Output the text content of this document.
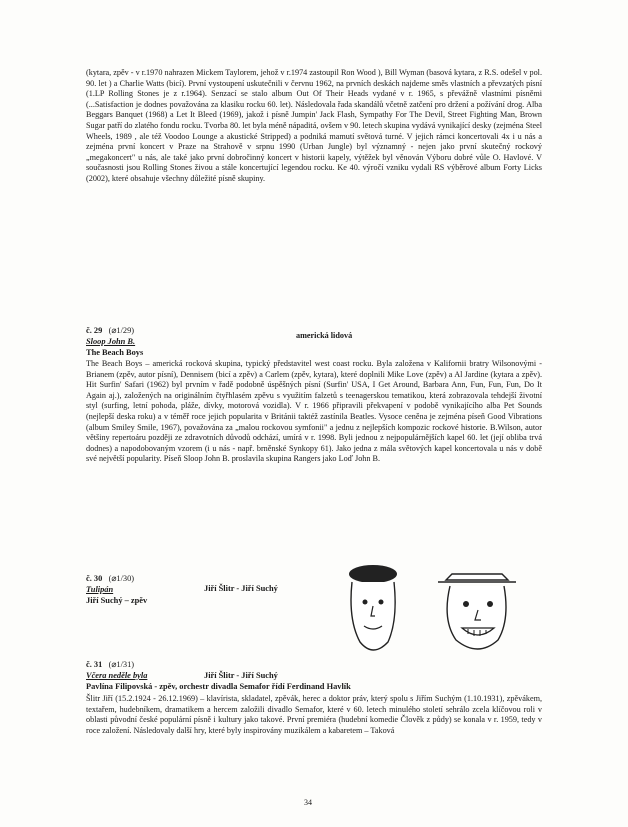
(kytara, zpěv - v r.1970 nahrazen Mickem Taylorem, jehož v r.1974 zastoupil Ron Wood ), Bill Wyman (basová kytara, z R.S. odešel v pol. 90. let ) a Charlie Watts (bicí). První vystoupení uskutečnili v červnu 1962, na prvních deskách najdeme směs vlastních a převzatých písní (1.LP Rolling Stones je z r.1964). Senzací se stalo album Out Of Their Heads vydané v r. 1965, s převážně vlastními písněmi (...Satisfaction je dodnes považována za klasiku rocku 60. let). Následovala řada skandálů včetně zatčení pro držení a požívání drog. Alba Beggars Banquet (1968) a Let It Bleed (1969), jakož i písně Jumpin' Jack Flash, Sympathy For The Devil, Street Fighting Man, Brown Sugar patří do zlatého fondu rocku. Tvorba 80. let byla méně nápaditá, ovšem v 90. letech skupina vydává vynikající desky (zejména Steel Wheels, 1989 , ale též Voodoo Lounge a akustické Stripped) a podniká mamutí světová turné. V jejich rámci koncertovali 4x i u nás a zejména první koncert v Praze na Strahově v srpnu 1990 (Urban Jungle) byl významný - nejen jako první skutečný rockový „megakoncert" u nás, ale také jako první dobročinný koncert v historii kapely, výtěžek byl věnován Výboru dobré vůle O. Havlové. V současnosti jsou Rolling Stones živou a stále koncertující legendou rocku. Ke 40. výročí vzniku vydali RS výběrové album Forty Licks (2002), které obsahuje všechny důležité písně skupiny.

č. 29 (⌀1/29)
Sloop John B.
americká lidová
The Beach Boys

The Beach Boys – americká rocková skupina, typický představitel west coast rocku. Byla založena v Kalifornii bratry Wilsonovými - Brianem (zpěv, autor písní), Dennisem (bicí a zpěv) a Carlem (zpěv, kytara), které doplnili Mike Love (zpěv) a Al Jardine (kytara a zpěv). Hit Surfin' Safari (1962) byl prvním v řadě podobně úspěšných písní (Surfin' USA, I Get Around, Barbara Ann, Fun, Fun, Fun, Do It Again aj.), založených na originálním čtyřhlasém zpěvu s využitím falzetů s teenagerskou tematikou, která zobrazovala tehdejší životní styl (surfing, letní pohoda, pláže, dívky, motorová vozidla). V r. 1966 připravili překvapení v podobě vynikajícího alba Pet Sounds (nejlepší deska roku) a v téměř roce jejich popularita v Británii taktéž zastínila Beatles. Vysoce ceněna je zejména píseň Good Vibrations (album Smiley Smile, 1967), považována za „malou rockovou symfonii" a jednu z nejlepších kompozic rockové historie. B.Wilson, autor většiny repertoáru později ze zdravotních důvodů odchází, umírá v r. 1998. Byli jednou z nejpopulárnějších kapel 60. let (její obliba trvá dodnes) a napodobovaným vzorem (i u nás - např. brněnské Synkopy 61). Jako jedna z mála světových kapel koncertovala u nás v době své největší popularity. Píseň Sloop John B. proslavila skupina Rangers jako Loď John B.

č. 30 (⌀1/30)
Tulipán	Jiří Šlitr - Jiří Suchý
Jiří Suchý – zpěv
č. 31 (⌀1/31)
Včera neděle byla	Jiří Šlitr - Jiří Suchý
Pavlína Filipovská - zpěv, orchestr divadla Semafor řídí Ferdinand Havlík

Šlitr Jiří (15.2.1924 - 26.12.1969) – klavírista, skladatel, zpěvák, herec a doktor práv, který spolu s Jiřím Suchým (1.10.1931), zpěvákem, textařem, hudebníkem, dramatikem a hercem založili divadlo Semafor, které v 60. letech minulého století sehrálo zcela klíčovou roli v oblasti původní české populární písně i kultury jako takové. První premiéra (hudební komedie Člověk z půdy) se konala v r. 1959, tedy v roce založení. Následovaly další hry, které byly inspirovány muzikálem a kabaretem – Taková

34
